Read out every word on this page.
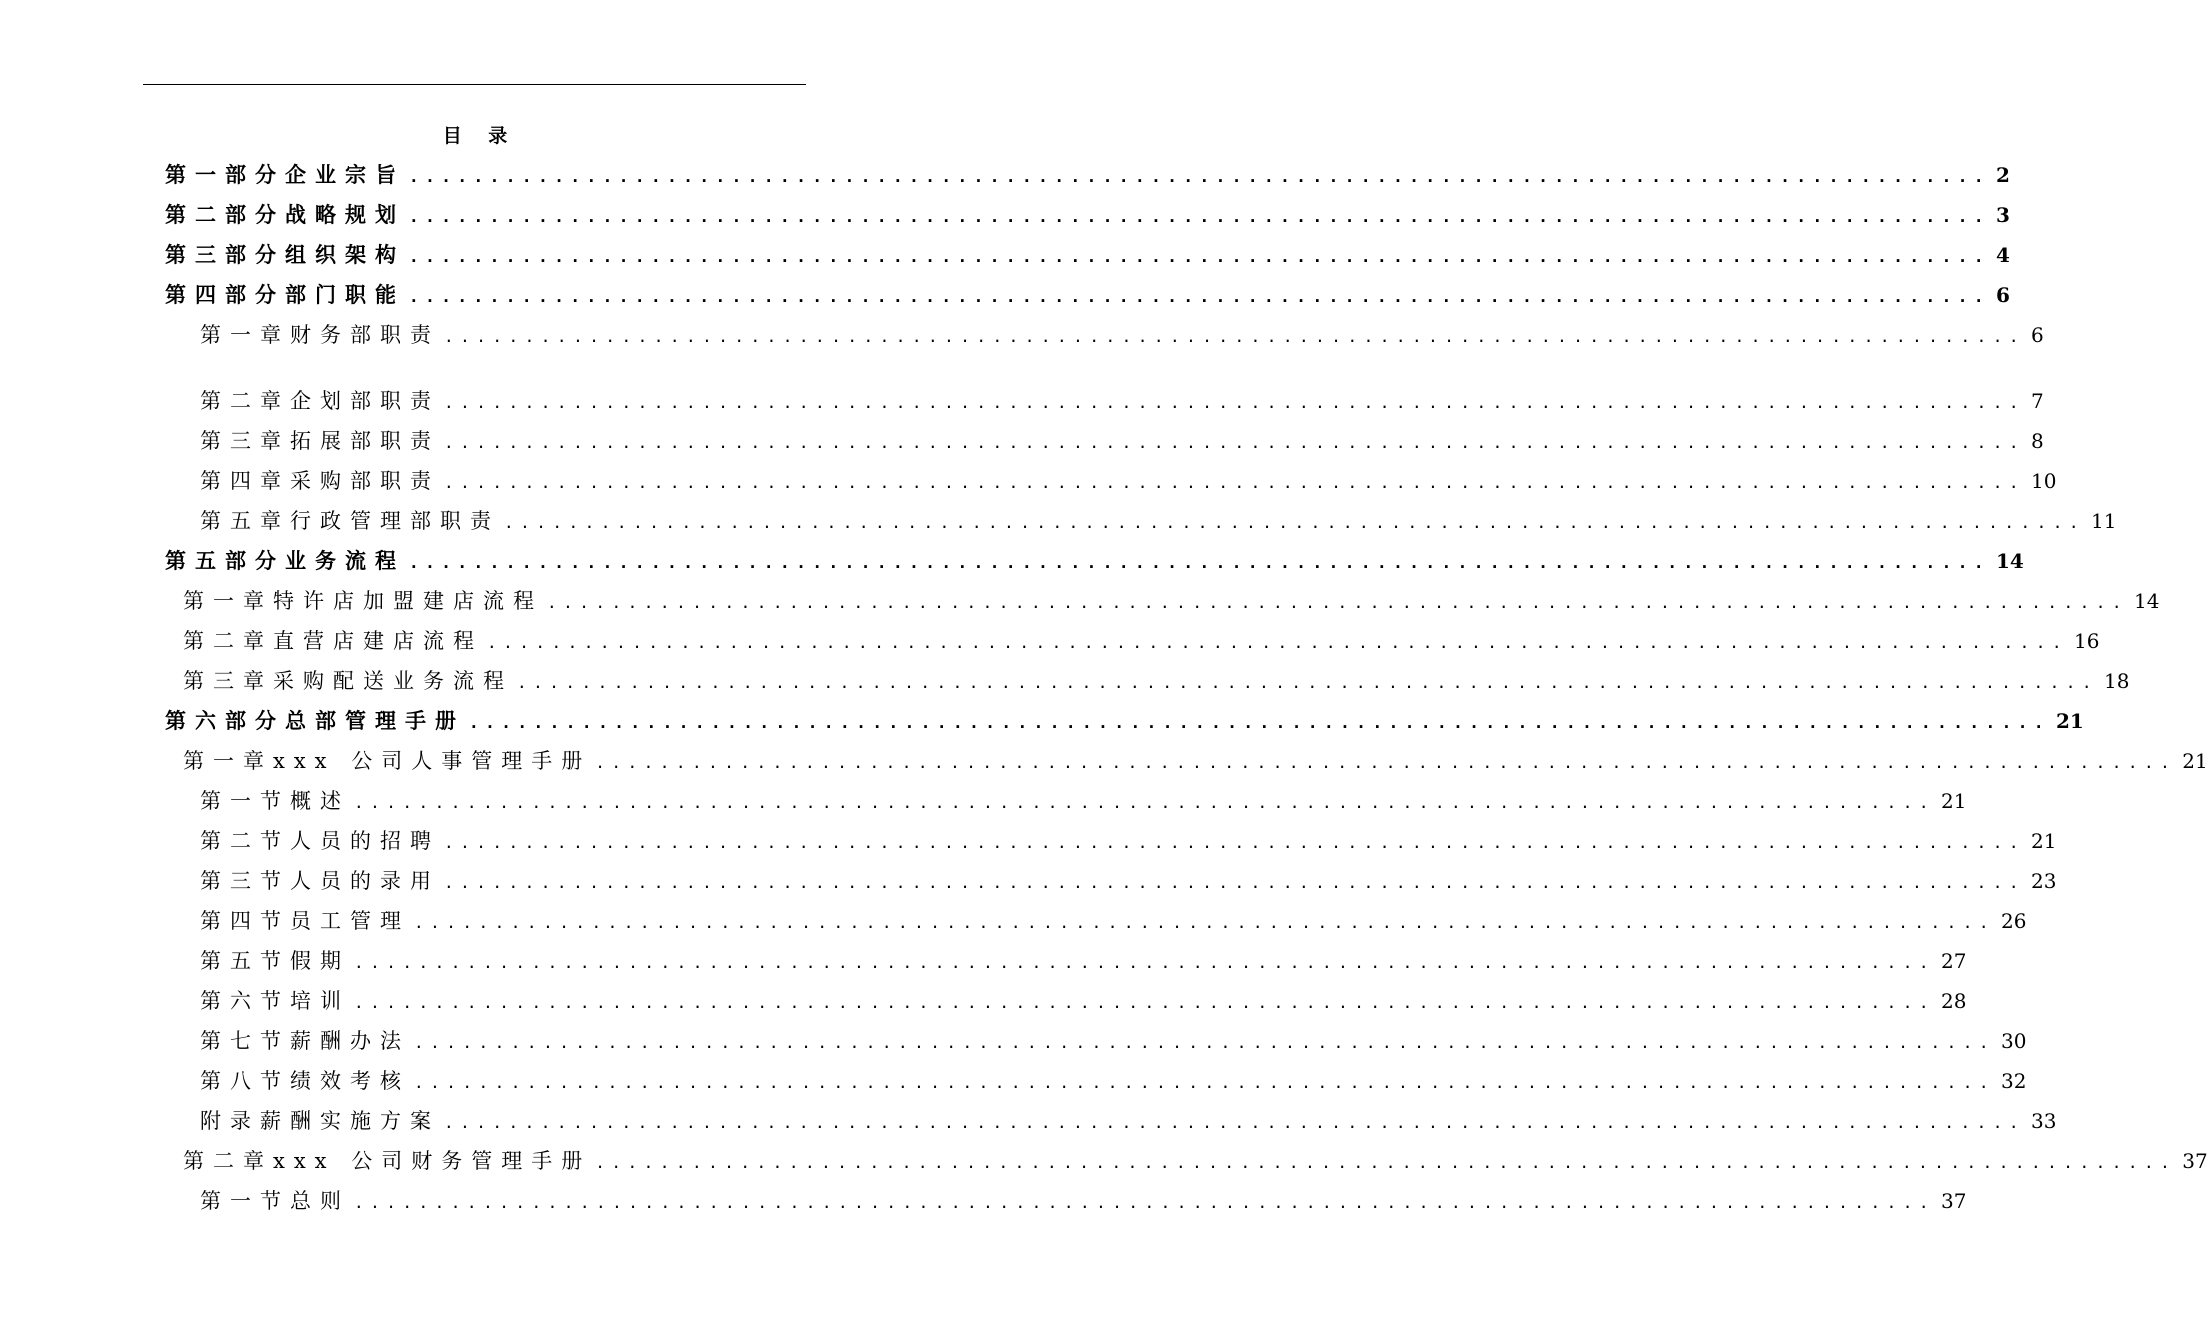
目 录
第一部分 企业宗旨 .................................................................................................. 2
第二部分 战略规划 .................................................................................................. 3
第三部分 组织架构 .................................................................................................. 4
第四部分 部门职能 .................................................................................................. 6
第一章 财务部职责 .................................................................................................. 6
第二章 企划部职责 .................................................................................................. 7
第三章 拓展部职责 .................................................................................................. 8
第四章 采购部职责 .................................................................................................. 10
第五章 行政管理部职责 .................................................................................................. 11
第五部分 业务流程 .................................................................................................. 14
第一章 特许店加盟建店流程 .................................................................................................. 14
第二章 直营店建店流程 .................................................................................................. 16
第三章 采购配送业务流程 .................................................................................................. 18
第六部分 总部管理手册 .................................................................................................. 21
第一章 xxx 公司人事管理手册 .................................................................................................. 21
第一节 概述 .................................................................................................. 21
第二节 人员的招聘 .................................................................................................. 21
第三节 人员的录用 .................................................................................................. 23
第四节 员工管理 .................................................................................................. 26
第五节 假期 .................................................................................................. 27
第六节 培训 .................................................................................................. 28
第七节 薪酬办法 .................................................................................................. 30
第八节 绩效考核 .................................................................................................. 32
附录 薪酬实施方案 .................................................................................................. 33
第二章 xxx 公司财务管理手册 .................................................................................................. 37
第一节 总则 .................................................................................................. 37
